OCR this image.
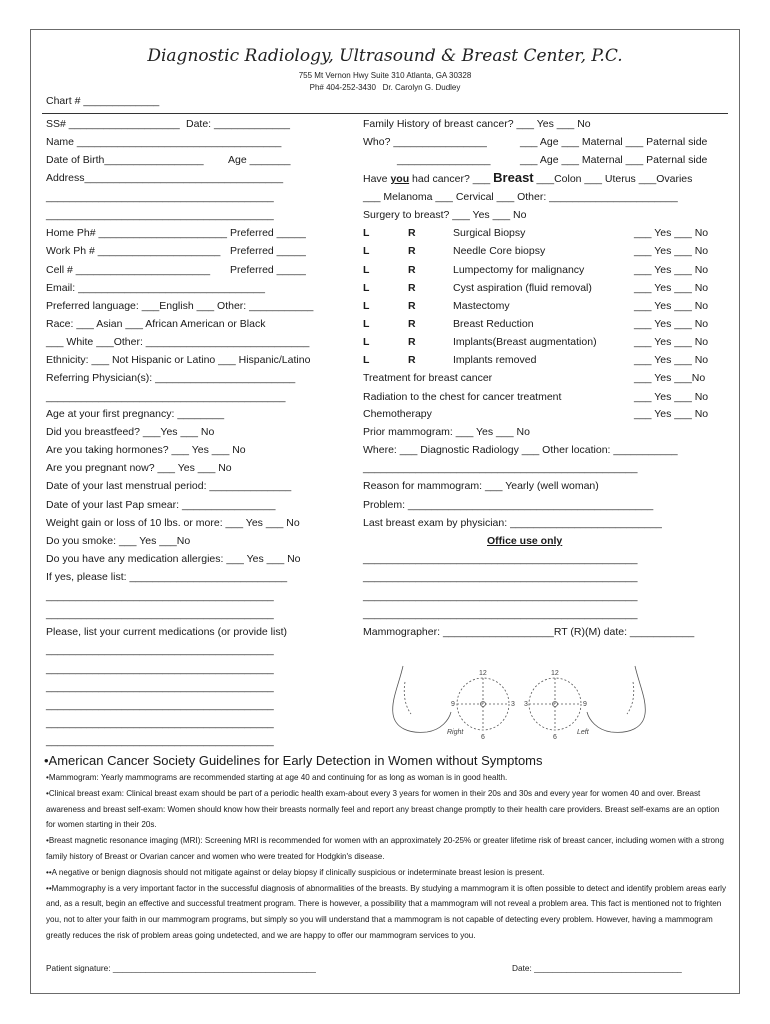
Diagnostic Radiology, Ultrasound & Breast Center, P.C.
755 Mt Vernon Hwy Suite 310 Atlanta, GA 30328
Ph# 404-252-3430   Dr. Carolyn G. Dudley
Chart # _____________
SS# ___________________ Date: _____________
Name ___________________________________
Date of Birth_________________ Age _______
Address__________________________________
_______________________________________
_______________________________________
Home Ph# ______________________ Preferred _____
Work Ph # _____________________ Preferred _____
Cell # _______________________ Preferred _____
Email: ________________________________
Preferred language: ___English ___ Other: ___________
Race: ___ Asian ___ African American or Black
___ White ___Other: ____________________________
Ethnicity: ___ Not Hispanic or Latino ___ Hispanic/Latino
Referring Physician(s): ________________________
_________________________________________
Age at your first pregnancy: ________
Did you breastfeed? ___Yes ___ No
Are you taking hormones? ___ Yes ___ No
Are you pregnant now? ___ Yes ___ No
Date of your last menstrual period: ______________
Date of your last Pap smear: ________________
Weight gain or loss of 10 lbs. or more: ___ Yes ___ No
Do you smoke: ___ Yes ___No
Do you have any medication allergies: ___ Yes ___ No
If yes, please list: ___________________________
_______________________________________
_______________________________________
Please, list your current medications (or provide list)
_______________________________________
_______________________________________
_______________________________________
_______________________________________
_______________________________________
_______________________________________
Family History of breast cancer? ___ Yes ___ No
Who? ________________	___ Age ___ Maternal ___ Paternal side
________________	___ Age ___ Maternal ___ Paternal side
Have you had cancer? ___ Breast ___Colon ___ Uterus ___Ovaries
___ Melanoma ___ Cervical ___ Other: ______________________
Surgery to breast? ___ Yes ___ No
L	R	Surgical Biopsy	___ Yes ___ No
L	R	Needle Core biopsy	___ Yes ___ No
L	R	Lumpectomy for malignancy	___ Yes ___ No
L	R	Cyst aspiration (fluid removal)	___ Yes ___ No
L	R	Mastectomy	___ Yes ___ No
L	R	Breast Reduction	___ Yes ___ No
L	R	Implants(Breast augmentation)	___ Yes ___ No
L	R	Implants removed	___ Yes ___ No
Treatment for breast cancer	___ Yes ___No
Radiation to the chest for cancer treatment	___ Yes ___ No
Chemotherapy	___ Yes ___ No
Prior mammogram: ___ Yes ___ No
Where: ___ Diagnostic Radiology ___ Other location: ___________
_______________________________________________
Reason for mammogram: ___ Yearly (well woman)
Problem: __________________________________________
Last breast exam by physician: __________________________
Office use only
_______________________________________________
_______________________________________________
_______________________________________________
_______________________________________________
Mammographer: ___________________RT (R)(M) date: ___________
12
3
6
9
Right
12
9
6
3
Left
•American Cancer Society Guidelines for Early Detection in Women without Symptoms

•Mammogram: Yearly mammograms are recommended starting at age 40 and continuing for as long as woman is in good health.

•Clinical breast exam: Clinical breast exam should be part of a periodic health exam-about every 3 years for women in their 20s and 30s and every year for women 40 and over. Breast awareness and breast self-exam: Women should know how their breasts normally feel and report any breast change promptly to their health care providers. Breast self-exams are an option for women starting in their 20s.

•Breast magnetic resonance imaging (MRI): Screening MRI is recommended for women with an approximately 20-25% or greater lifetime risk of breast cancer, including women with a strong family history of Breast or Ovarian cancer and women who were treated for Hodgkin's disease.

••A negative or benign diagnosis should not mitigate against or delay biopsy if clinically suspicious or indeterminate breast lesion is present.

••Mammography is a very important factor in the successful diagnosis of abnormalities of the breasts. By studying a mammogram it is often possible to detect and identify problem areas early and, as a result, begin an effective and successful treatment program. There is however, a possibility that a mammogram will not reveal a problem area. This fact is mentioned not to frighten you, not to alter your faith in our mammogram programs, but simply so you will understand that a mammogram is not capable of detecting every problem. However, having a mammogram greatly reduces the risk of problem areas going undetected, and we are happy to offer our mammogram services to you.

Patient signature: ____________________________________________	Date: ________________________________
